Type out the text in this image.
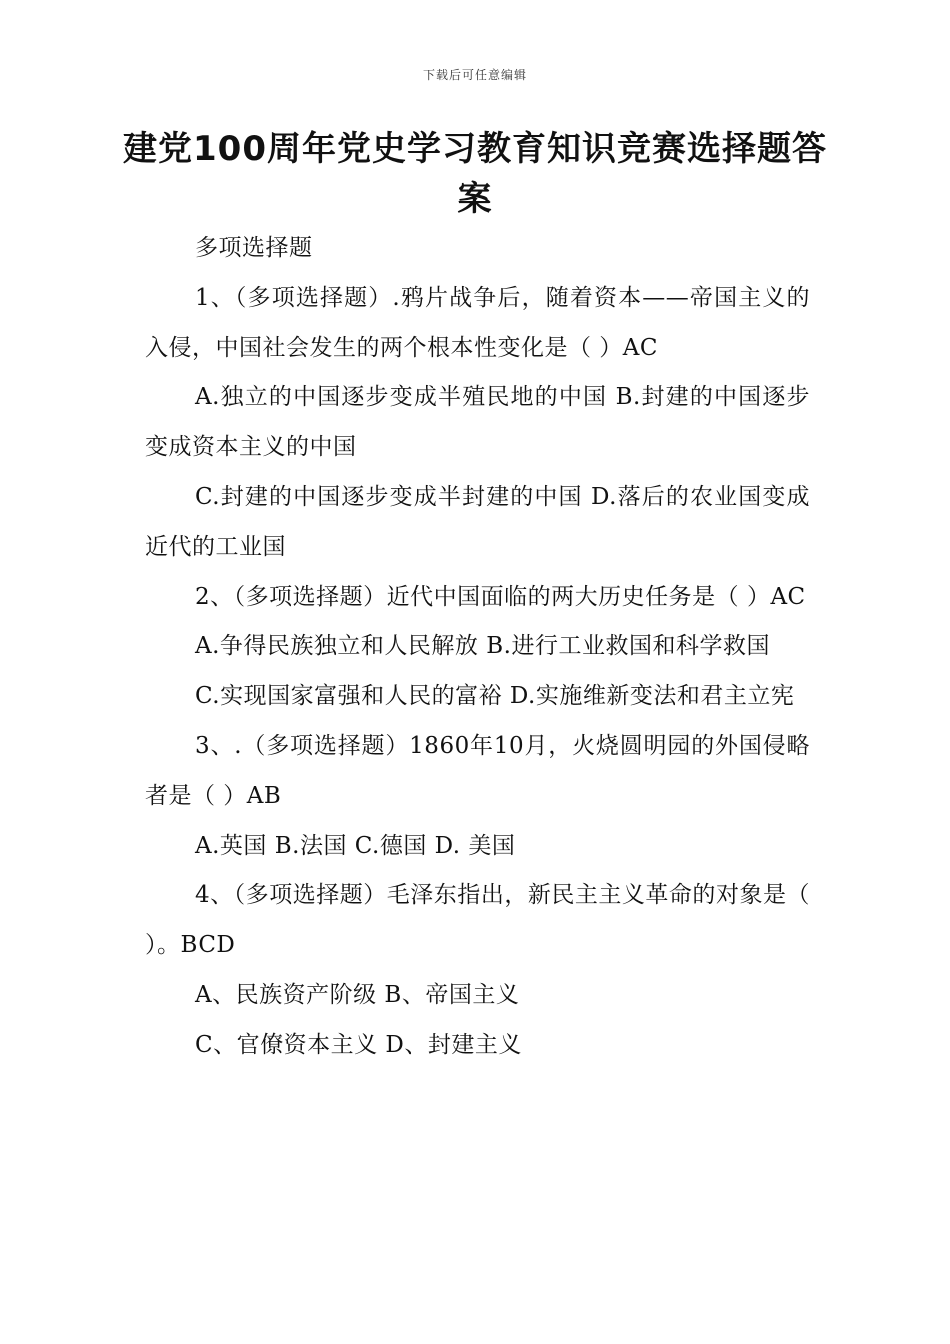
下载后可任意编辑
建党100周年党史学习教育知识竞赛选择题答案

多项选择题

1、（多项选择题）.鸦片战争后，随着资本——帝国主义的入侵，中国社会发生的两个根本性变化是（ ）AC

A.独立的中国逐步变成半殖民地的中国 B.封建的中国逐步变成资本主义的中国

C.封建的中国逐步变成半封建的中国 D.落后的农业国变成近代的工业国

2、（多项选择题）近代中国面临的两大历史任务是（ ）AC

A.争得民族独立和人民解放 B.进行工业救国和科学救国

C.实现国家富强和人民的富裕 D.实施维新变法和君主立宪

3、.（多项选择题）1860年10月，火烧圆明园的外国侵略者是（ ）AB

A.英国 B.法国 C.德国 D. 美国

4、（多项选择题）毛泽东指出，新民主主义革命的对象是（ ）。BCD

A、民族资产阶级 B、帝国主义

C、官僚资本主义 D、封建主义
